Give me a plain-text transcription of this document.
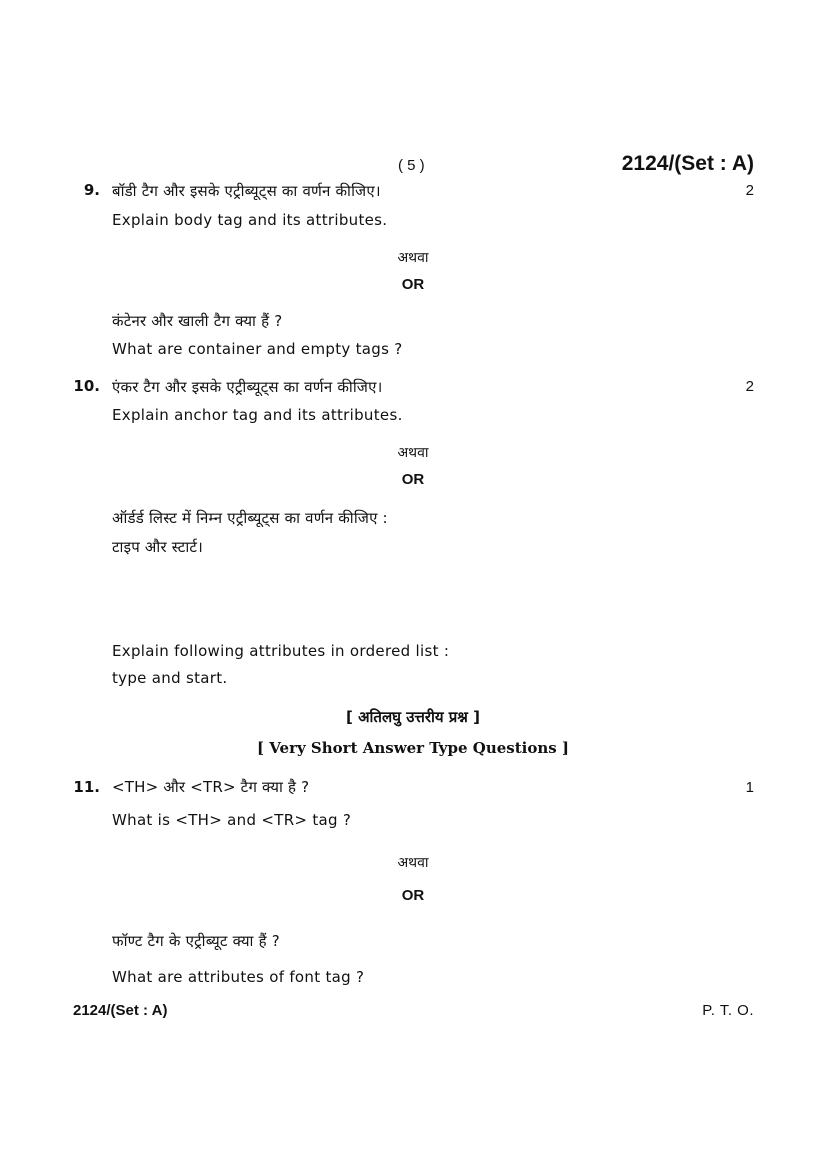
( 5 )	2124/(Set : A)
9. बॉडी टैग और इसके एट्रीब्यूट्स का वर्णन कीजिए।	2
Explain body tag and its attributes.
अथवा
OR
कंटेनर और खाली टैग क्या हैं ?
What are container and empty tags ?
10. एंकर टैग और इसके एट्रीब्यूट्स का वर्णन कीजिए।	2
Explain anchor tag and its attributes.
अथवा
OR
ऑर्डर्ड लिस्ट में निम्न एट्रीब्यूट्स का वर्णन कीजिए :
टाइप और स्टार्ट।
Explain following attributes in ordered list :
type and start.
[ अतिलघु उत्तरीय प्रश्न ]
[ Very Short Answer Type Questions ]
11. <TH> और <TR> टैग क्या है ?	1
What is <TH> and <TR> tag ?
अथवा
OR
फॉण्ट टैग के एट्रीब्यूट क्या हैं ?
What are attributes of font tag ?
2124/(Set : A)	P. T. O.
